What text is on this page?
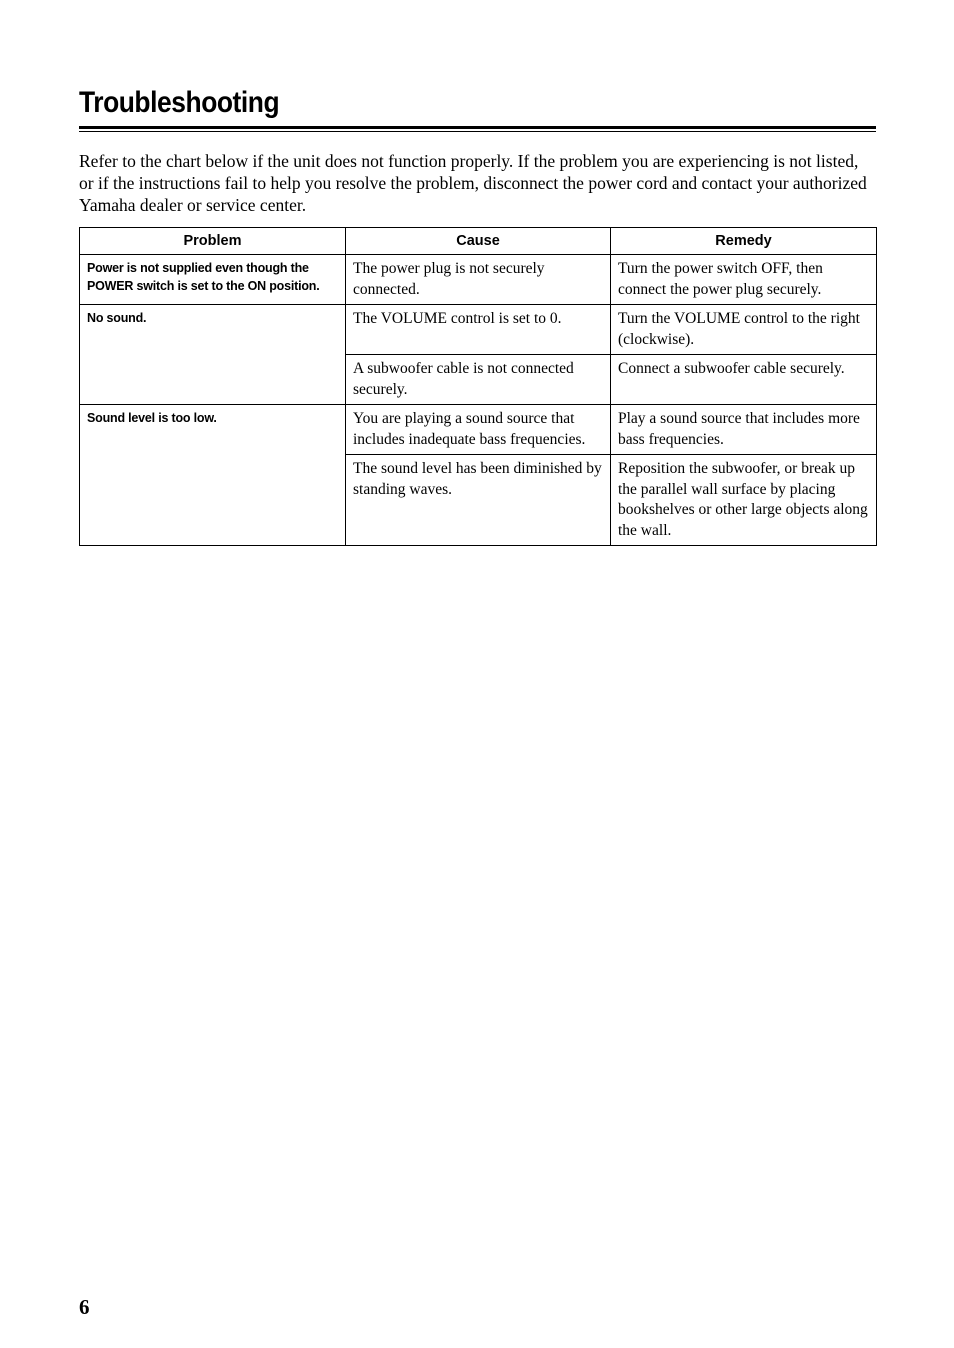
Troubleshooting

Refer to the chart below if the unit does not function properly. If the problem you are experiencing is not listed, or if the instructions fail to help you resolve the problem, disconnect the power cord and contact your authorized Yamaha dealer or service center.

Problem	Cause	Remedy
Power is not supplied even though the POWER switch is set to the ON position.	The power plug is not securely connected.	Turn the power switch OFF, then connect the power plug securely.
No sound.	The VOLUME control is set to 0.	Turn the VOLUME control to the right (clockwise).
	A subwoofer cable is not connected securely.	Connect a subwoofer cable securely.
Sound level is too low.	You are playing a sound source that includes inadequate bass frequencies.	Play a sound source that includes more bass frequencies.
	The sound level has been diminished by standing waves.	Reposition the subwoofer, or break up the parallel wall surface by placing bookshelves or other large objects along the wall.
6
